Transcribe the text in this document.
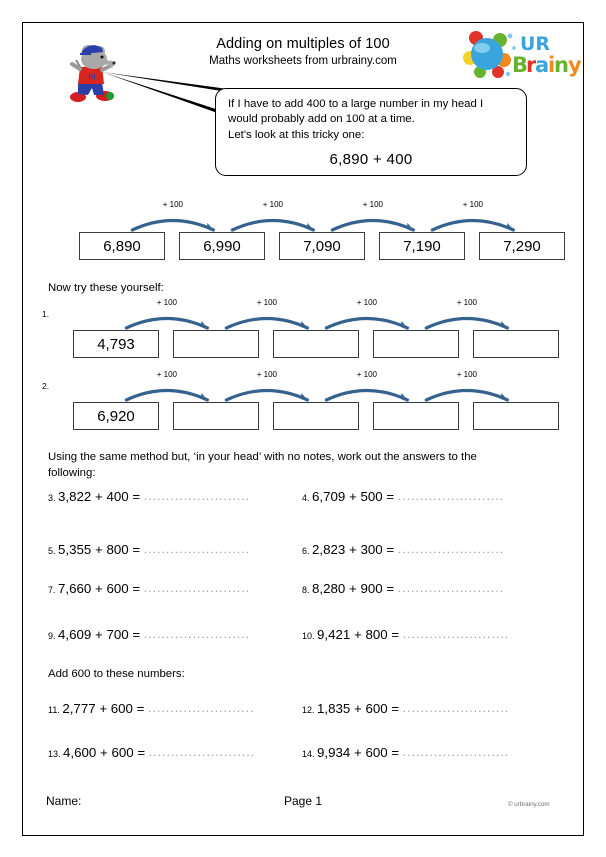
Adding on multiples of 100
Maths worksheets from urbrainy.com
M
UR
B
r
a
i
n y
If I have to add 400 to a large number in my head I
would probably add on 100 at a time.
Let's look at this tricky one:
6,890 + 400
+ 100	+ 100	+ 100	+ 100
6,890	6,990	7,090	7,190	7,290
Now try these yourself:
1.
+ 100	+ 100	+ 100	+ 100
4,793
2.
+ 100	+ 100	+ 100	+ 100
6,920
Using the same method but, ‘in your head’ with no notes, work out the answers to the
following:
Add 600 to these numbers:
Name:	Page 1	© urbrainy.com
3. 3,822 + 400 = ........................	4. 6,709 + 500 = ........................
5. 5,355 + 800 = ........................	6. 2,823 + 300 = ........................
7. 7,660 + 600 = ........................	8. 8,280 + 900 = ........................
9. 4,609 + 700 = ........................	10. 9,421 + 800 = ........................
11. 2,777 + 600 = ........................	12. 1,835 + 600 = ........................
13. 4,600 + 600 = ........................	14. 9,934 + 600 = ........................
